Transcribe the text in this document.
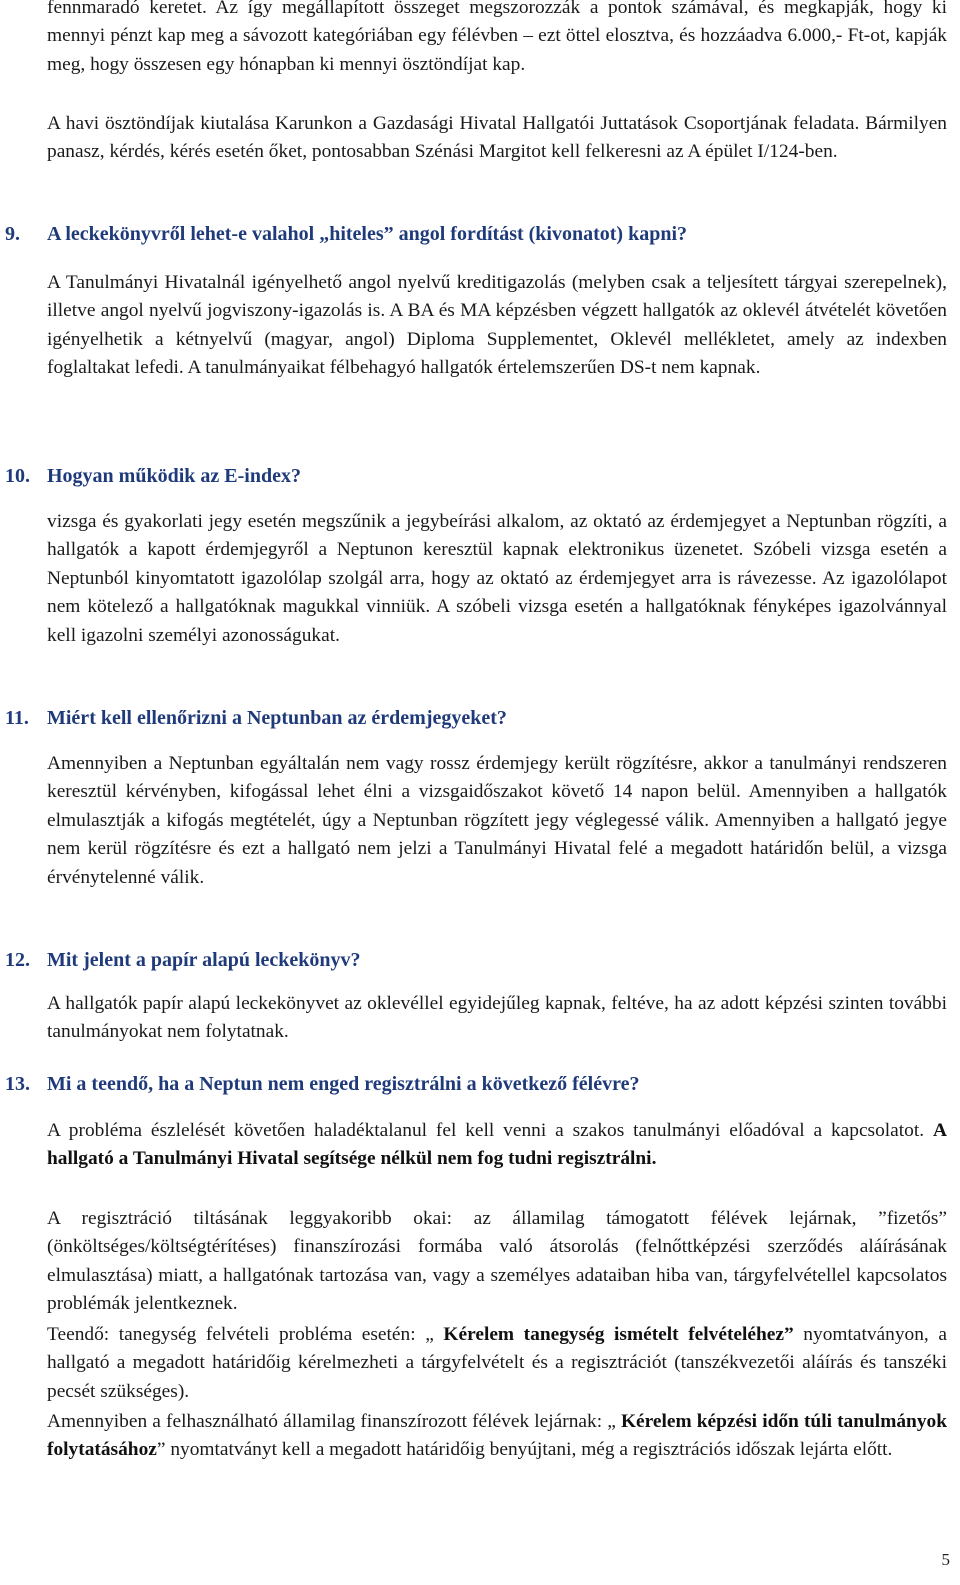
fennmaradó keretet. Az így megállapított összeget megszorozzák a pontok számával, és megkapják, hogy ki mennyi pénzt kap meg a sávozott kategóriában egy félévben – ezt öttel elosztva, és hozzáadva 6.000,- Ft-ot, kapják meg, hogy összesen egy hónapban ki mennyi ösztöndíjat kap.

A havi ösztöndíjak kiutalása Karunkon a Gazdasági Hivatal Hallgatói Juttatások Csoportjának feladata. Bármilyen panasz, kérdés, kérés esetén őket, pontosabban Szénási Margitot kell felkeresni az A épület I/124-ben.

9.	A leckekönyvről lehet-e valahol „hiteles” angol fordítást (kivonatot) kapni?

A Tanulmányi Hivatalnál igényelhető angol nyelvű kreditigazolás (melyben csak a teljesített tárgyai szerepelnek), illetve angol nyelvű jogviszony-igazolás is. A BA és MA képzésben végzett hallgatók az oklevél átvételét követően igényelhetik a kétnyelvű (magyar, angol) Diploma Supplementet, Oklevél mellékletet, amely az indexben foglaltakat lefedi. A tanulmányaikat félbehagyó hallgatók értelemszerűen DS-t nem kapnak.

10. Hogyan működik az E-index?

vizsga és gyakorlati jegy esetén megszűnik a jegybeírási alkalom, az oktató az érdemjegyet a Neptunban rögzíti, a hallgatók a kapott érdemjegyről a Neptunon keresztül kapnak elektronikus üzenetet. Szóbeli vizsga esetén a Neptunból kinyomtatott igazolólap szolgál arra, hogy az oktató az érdemjegyet arra is rávezesse. Az igazolólapot nem kötelező a hallgatóknak magukkal vinniük. A szóbeli vizsga esetén a hallgatóknak fényképes igazolvánnyal kell igazolni személyi azonosságukat.

11. Miért kell ellenőrizni a Neptunban az érdemjegyeket?

Amennyiben a Neptunban egyáltalán nem vagy rossz érdemjegy került rögzítésre, akkor a tanulmányi rendszeren keresztül kérvényben, kifogással lehet élni a vizsgaidőszakot követő 14 napon belül. Amennyiben a hallgatók elmulasztják a kifogás megtételét, úgy a Neptunban rögzített jegy véglegessé válik. Amennyiben a hallgató jegye nem kerül rögzítésre és ezt a hallgató nem jelzi a Tanulmányi Hivatal felé a megadott határidőn belül, a vizsga érvénytelenné válik.

12. Mit jelent a papír alapú leckekönyv?

A hallgatók papír alapú leckekönyvet az oklevéllel egyidejűleg kapnak, feltéve, ha az adott képzési szinten további tanulmányokat nem folytatnak.

13. Mi a teendő, ha a Neptun nem enged regisztrálni a következő félévre?

A probléma észlelését követően haladéktalanul fel kell venni a szakos tanulmányi előadóval a kapcsolatot. A hallgató a Tanulmányi Hivatal segítsége nélkül nem fog tudni regisztrálni.

A regisztráció tiltásának leggyakoribb okai: az államilag támogatott félévek lejárnak, ”fizetős” (önköltséges/költségtérítéses) finanszírozási formába való átsorolás (felnőttképzési szerződés aláírásának elmulasztása) miatt, a hallgatónak tartozása van, vagy a személyes adataiban hiba van, tárgyfelvétellel kapcsolatos problémák jelentkeznek.

Teendő: tanegység felvételi probléma esetén: „ Kérelem tanegység ismételt felvételéhez” nyomtatványon, a hallgató a megadott határidőig kérelmezheti a tárgyfelvételt és a regisztrációt (tanszékvezetői aláírás és tanszéki pecsét szükséges).

Amennyiben a felhasználható államilag finanszírozott félévek lejárnak: „ Kérelem képzési időn túli tanulmányok folytatásához” nyomtatványt kell a megadott határidőig benyújtani, még a regisztrációs időszak lejárta előtt.

5
